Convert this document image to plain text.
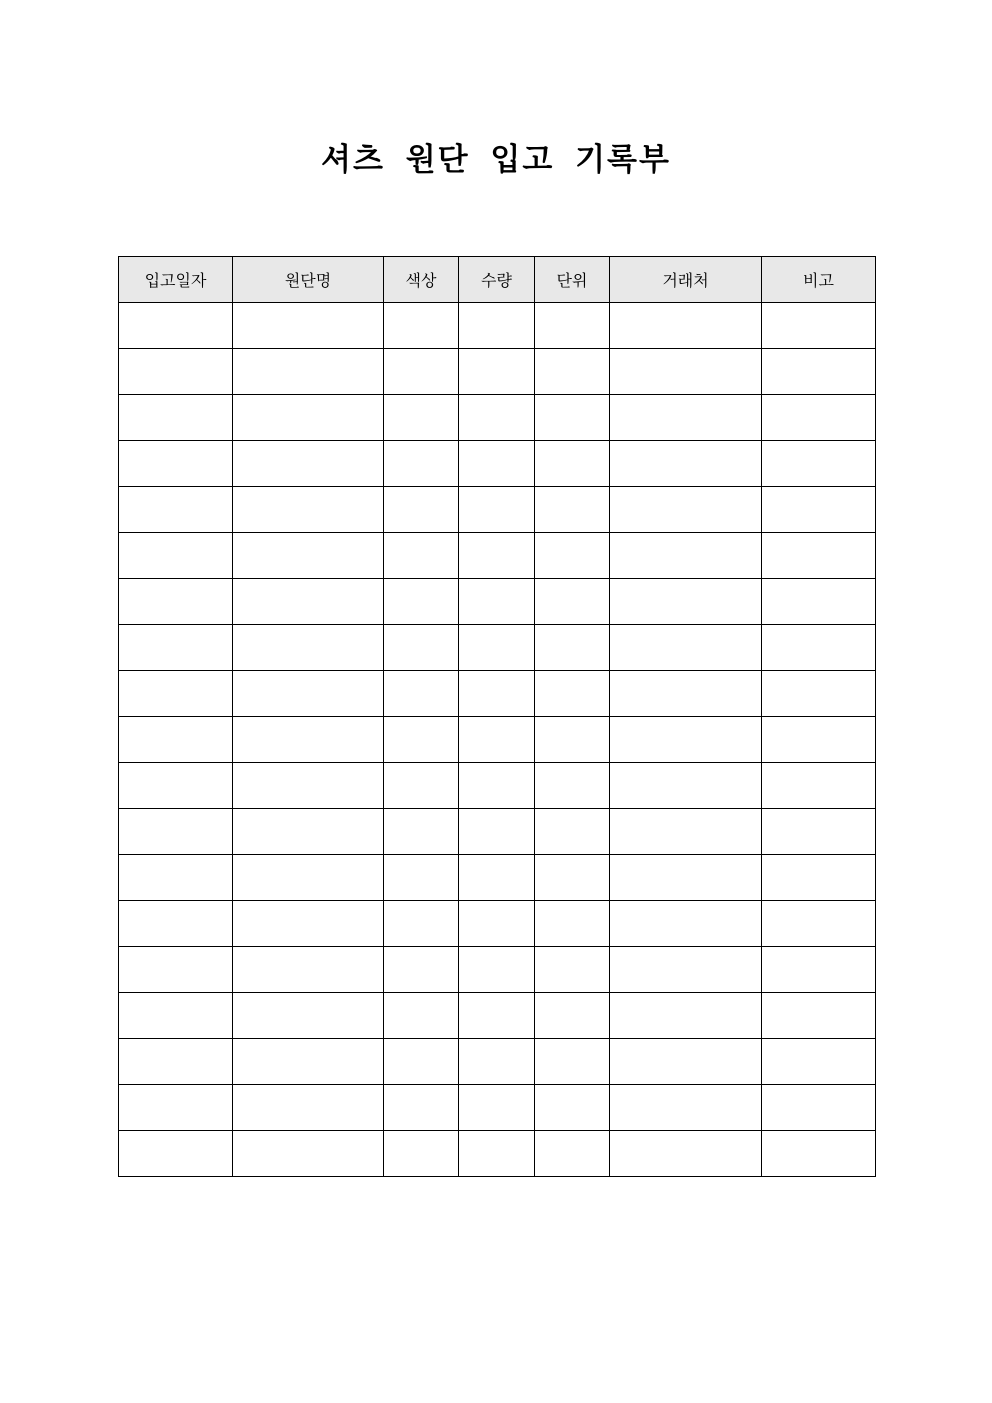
셔츠 원단 입고 기록부
입고일자	원단명	색상	수량	단위	거래처	비고
